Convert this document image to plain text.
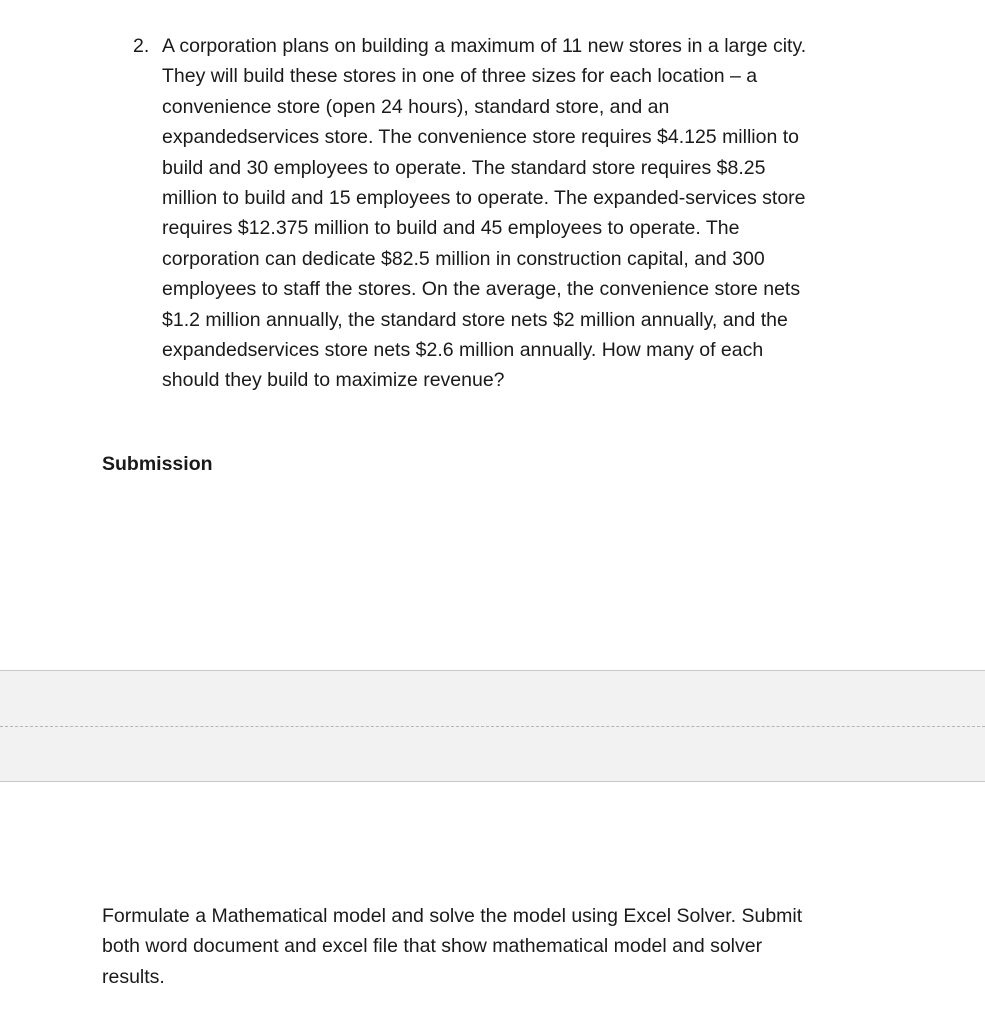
2. A corporation plans on building a maximum of 11 new stores in a large city.
They will build these stores in one of three sizes for each location – a
convenience store (open 24 hours), standard store, and an
expandedservices store. The convenience store requires $4.125 million to
build and 30 employees to operate. The standard store requires $8.25
million to build and 15 employees to operate. The expanded-services store
requires $12.375 million to build and 45 employees to operate. The
corporation can dedicate $82.5 million in construction capital, and 300
employees to staff the stores. On the average, the convenience store nets
$1.2 million annually, the standard store nets $2 million annually, and the
expandedservices store nets $2.6 million annually. How many of each
should they build to maximize revenue?
Submission
Formulate a Mathematical model and solve the model using Excel Solver. Submit
both word document and excel file that show mathematical model and solver
results.
